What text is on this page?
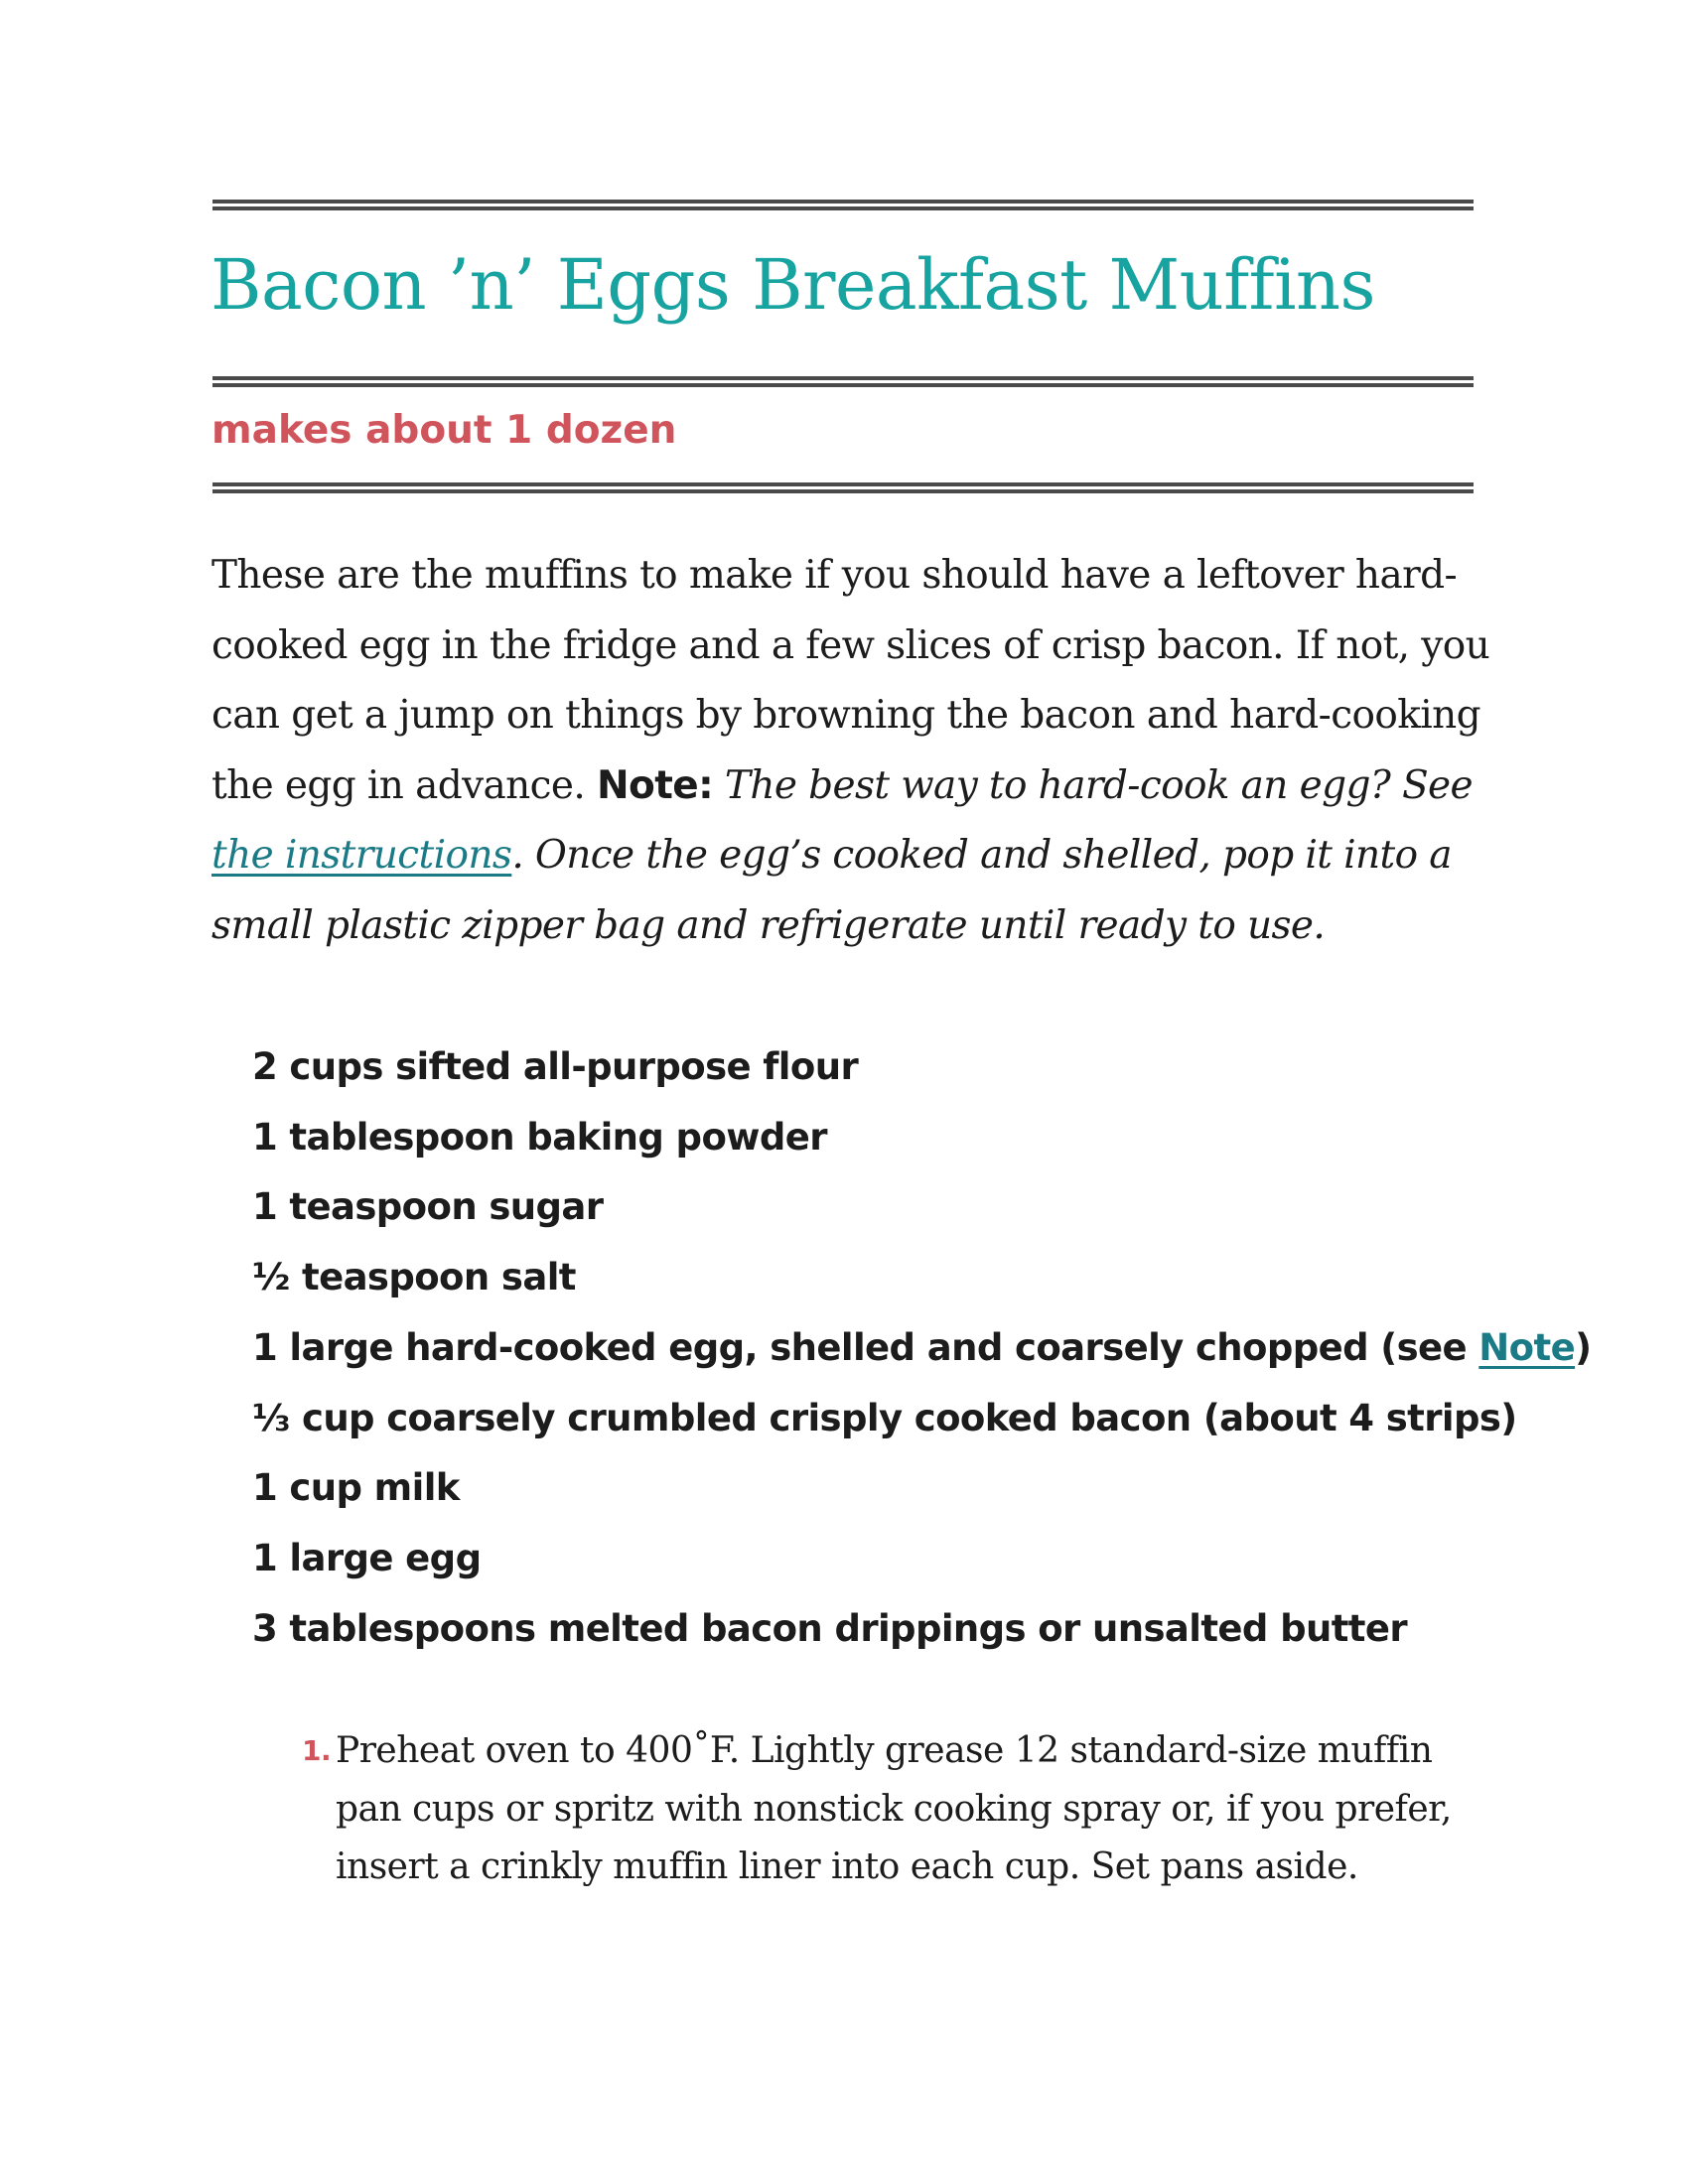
Bacon ’n’ Eggs Breakfast Muffins
makes about 1 dozen

These are the muffins to make if you should have a leftover hard-cooked egg in the fridge and a few slices of crisp bacon. If not, you can get a jump on things by browning the bacon and hard-cooking the egg in advance. Note: The best way to hard-cook an egg? See the instructions. Once the egg’s cooked and shelled, pop it into a small plastic zipper bag and refrigerate until ready to use.

2 cups sifted all-purpose flour
1 tablespoon baking powder
1 teaspoon sugar
½ teaspoon salt
1 large hard-cooked egg, shelled and coarsely chopped (see Note)
⅓ cup coarsely crumbled crisply cooked bacon (about 4 strips)
1 cup milk
1 large egg
3 tablespoons melted bacon drippings or unsalted butter
1. Preheat oven to 400˚F. Lightly grease 12 standard-size muffin pan cups or spritz with nonstick cooking spray or, if you prefer, insert a crinkly muffin liner into each cup. Set pans aside.
